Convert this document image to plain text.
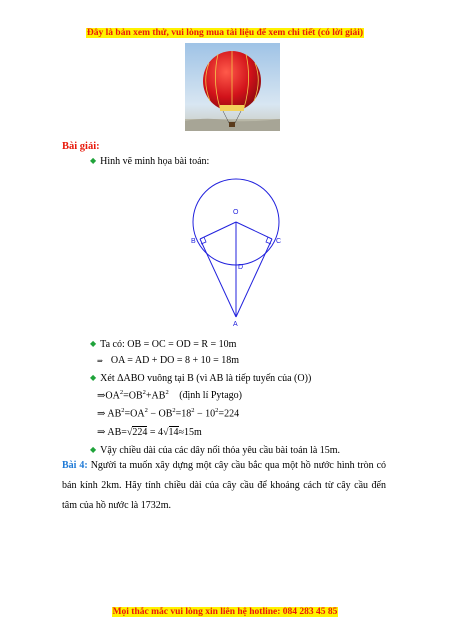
Đây là bản xem thử, vui lòng mua tài liệu để xem chi tiết (có lời giải)
Bài giải:
◆ Hình vẽ minh họa bài toán:
O
B	C
D
A
◆ Ta có: OB = OC = OD = R = 10m
⇒ OA = AD + DO = 8 + 10 = 18m
◆ Xét ΔABO vuông tại B (vì AB là tiếp tuyến của (O))
$\Rightarrow OA^2=OB^2+AB^2$ (định lí Pytago)
⇒ $AB^2=OA^2 - OB^2=18^2 - 10^2=224$
⇒ AB=√224 = 4√14≈15m
◆ Vậy chiều dài của các dây nối thỏa yêu cầu bài toán là 15m.
Bài 4: Người ta muốn xây dựng một cây cầu bắc qua một hồ nước hình tròn có bán kính 2km. Hãy tính chiều dài của cây cầu để khoảng cách từ cây cầu đến tâm của hồ nước là 1732m.
Mọi thắc mắc vui lòng xin liên hệ hotline: 084 283 45 85
